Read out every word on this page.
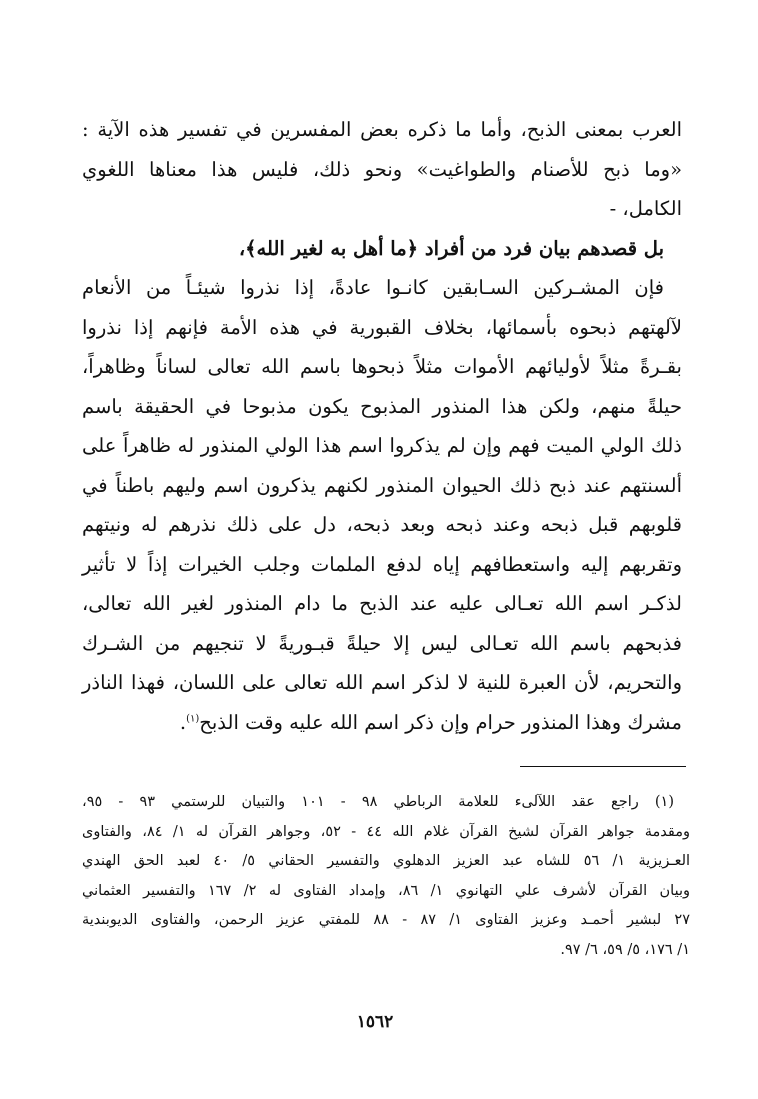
العرب بمعنى الذبح، وأما ما ذكره بعض المفسرين في تفسير هذه الآية :
«وما ذبح للأصنام والطواغيت» ونحو ذلك، فليس هذا معناها اللغوي
الكامل، -
بل قصدهم بيان فرد من أفراد ﴿ما أهل به لغير الله﴾،
فإن المشـركين السـابقين كانـوا عادةً، إذا نذروا شيئـاً من الأنعام
لآلهتهم ذبحوه بأسمائها، بخلاف القبورية في هذه الأمة فإنهم إذا نذروا
بقـرةً مثلاً لأوليائهم الأموات مثلاً ذبحوها باسم الله تعالى لساناً وظاهراً،
حيلةً منهم، ولكن هذا المنذور المذبوح يكون مذبوحا في الحقيقة باسم
ذلك الولي الميت فهم وإن لم يذكروا اسم هذا الولي المنذور له ظاهراً على
ألسنتهم عند ذبح ذلك الحيوان المنذور لكنهم يذكرون اسم وليهم باطناً في
قلوبهم قبل ذبحه وعند ذبحه وبعد ذبحه، دل على ذلك نذرهم له ونيتهم
وتقربهم إليه واستعطافهم إياه لدفع الملمات وجلب الخيرات إذاً لا تأثير
لذكـر اسم الله تعـالى عليه عند الذبح ما دام المنذور لغير الله تعالى،
فذبحهم باسم الله تعـالى ليس إلا حيلةً قبـوريةً لا تنجيهم من الشـرك
والتحريم، لأن العبرة للنية لا لذكر اسم الله تعالى على اللسان، فهذا الناذر
مشرك وهذا المنذور حرام وإن ذكر اسم الله عليه وقت الذبح$^{(١)}$.
(١) راجع عقد اللآلىء للعلامة الرباطي ٩٨ - ١٠١ والتبيان للرستمي ٩٣ - ٩٥،
ومقدمة جواهر القرآن لشيخ القرآن غلام الله ٤٤ - ٥٢، وجواهر القرآن له ١/ ٨٤، والفتاوى
العـزيزية ١/ ٥٦ للشاه عبد العزيز الدهلوي والتفسير الحقاني ٥/ ٤٠ لعبد الحق الهندي
وبيان القرآن لأشرف علي التهانوي ١/ ٨٦، وإمداد الفتاوى له ٢/ ١٦٧ والتفسير العثماني
٢٧ لبشير أحمـد وعزيز الفتاوى ١/ ٨٧ - ٨٨ للمفتي عزيز الرحمن، والفتاوى الديوبندية
١/ ١٧٦، ٥/ ٥٩، ٦/ ٩٧.
١٥٦٢
